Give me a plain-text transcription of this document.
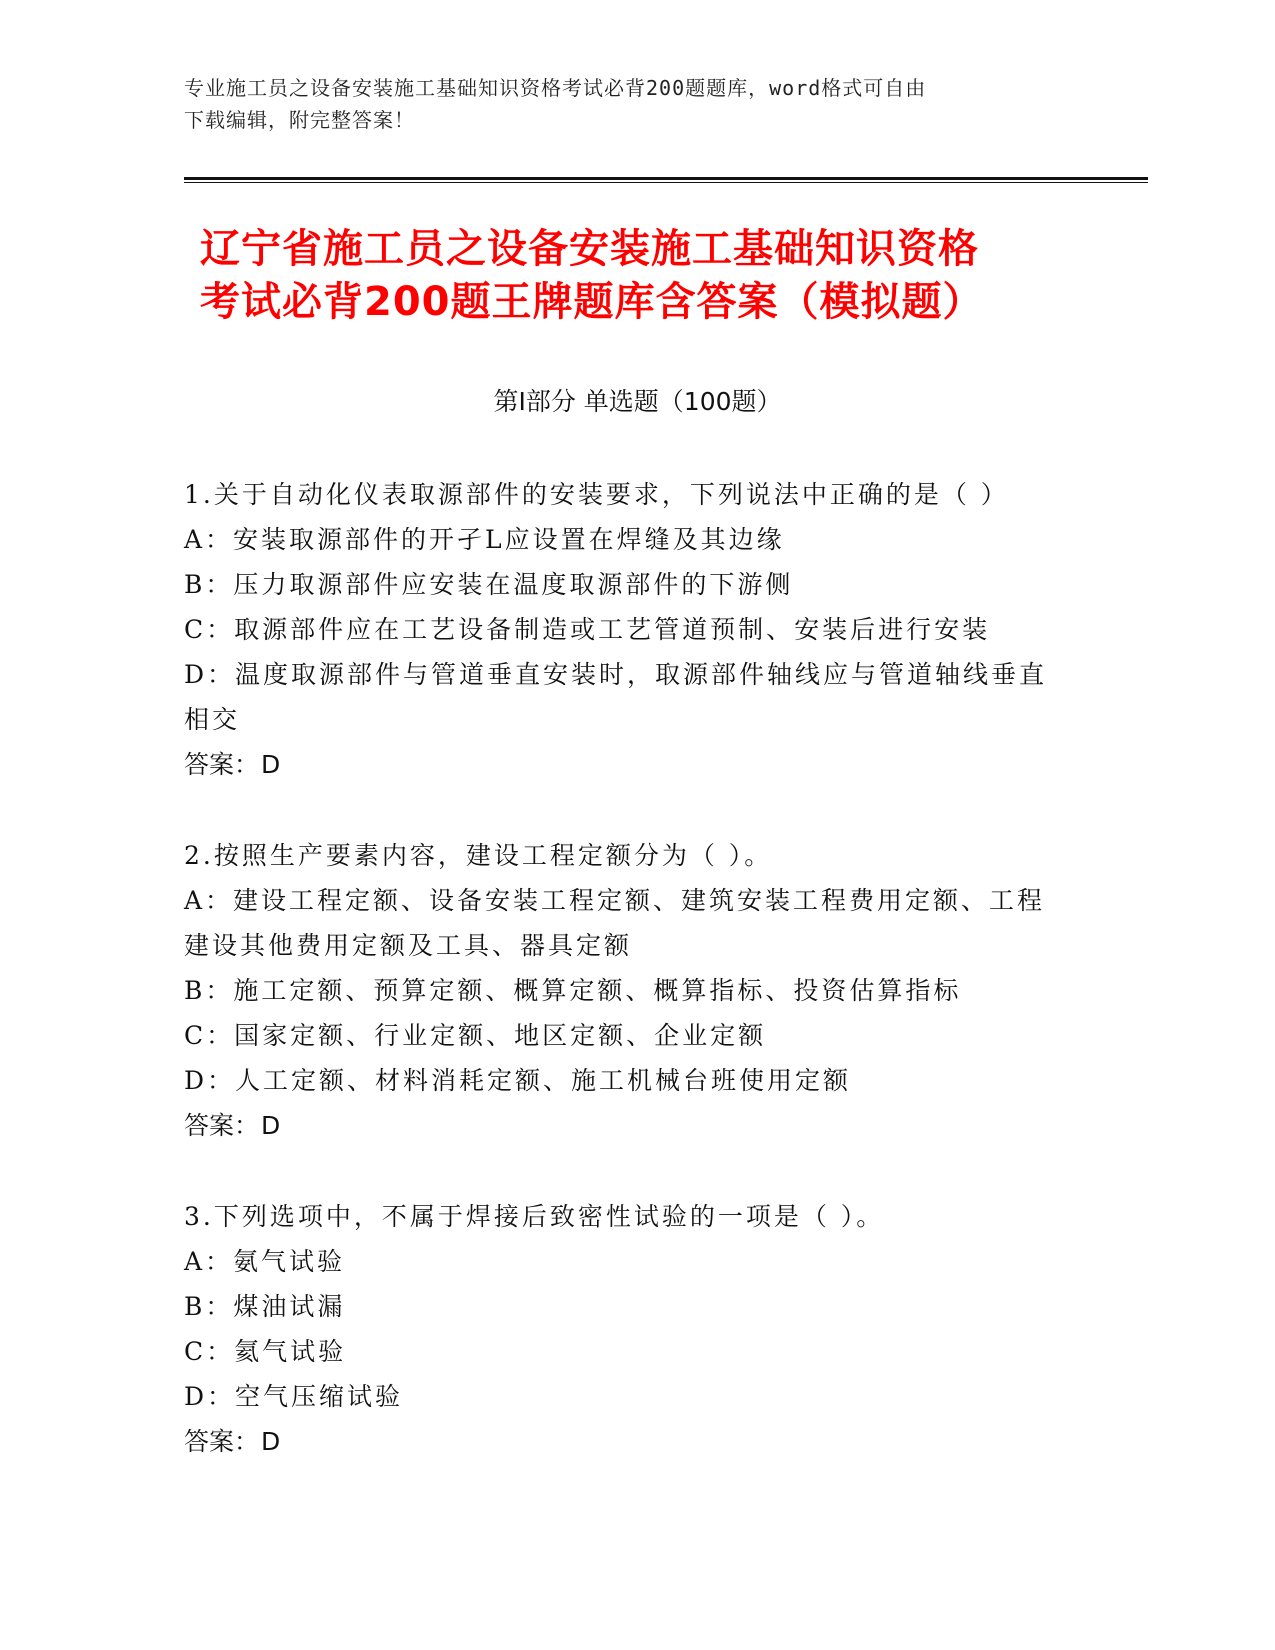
专业施工员之设备安装施工基础知识资格考试必背200题题库，word格式可自由
下载编辑，附完整答案！
辽宁省施工员之设备安装施工基础知识资格
考试必背200题王牌题库含答案（模拟题）
第I部分 单选题（100题）
1.关于自动化仪表取源部件的安装要求，下列说法中正确的是（ ）
A：安装取源部件的开孑L应设置在焊缝及其边缘
B：压力取源部件应安装在温度取源部件的下游侧
C：取源部件应在工艺设备制造或工艺管道预制、安装后进行安装
D：温度取源部件与管道垂直安装时，取源部件轴线应与管道轴线垂直相交
答案：D
2.按照生产要素内容，建设工程定额分为（ ）。
A：建设工程定额、设备安装工程定额、建筑安装工程费用定额、工程建设其他费用定额及工具、器具定额
B：施工定额、预算定额、概算定额、概算指标、投资估算指标
C：国家定额、行业定额、地区定额、企业定额
D：人工定额、材料消耗定额、施工机械台班使用定额
答案：D
3.下列选项中，不属于焊接后致密性试验的一项是（ ）。
A：氨气试验
B：煤油试漏
C：氦气试验
D：空气压缩试验
答案：D
